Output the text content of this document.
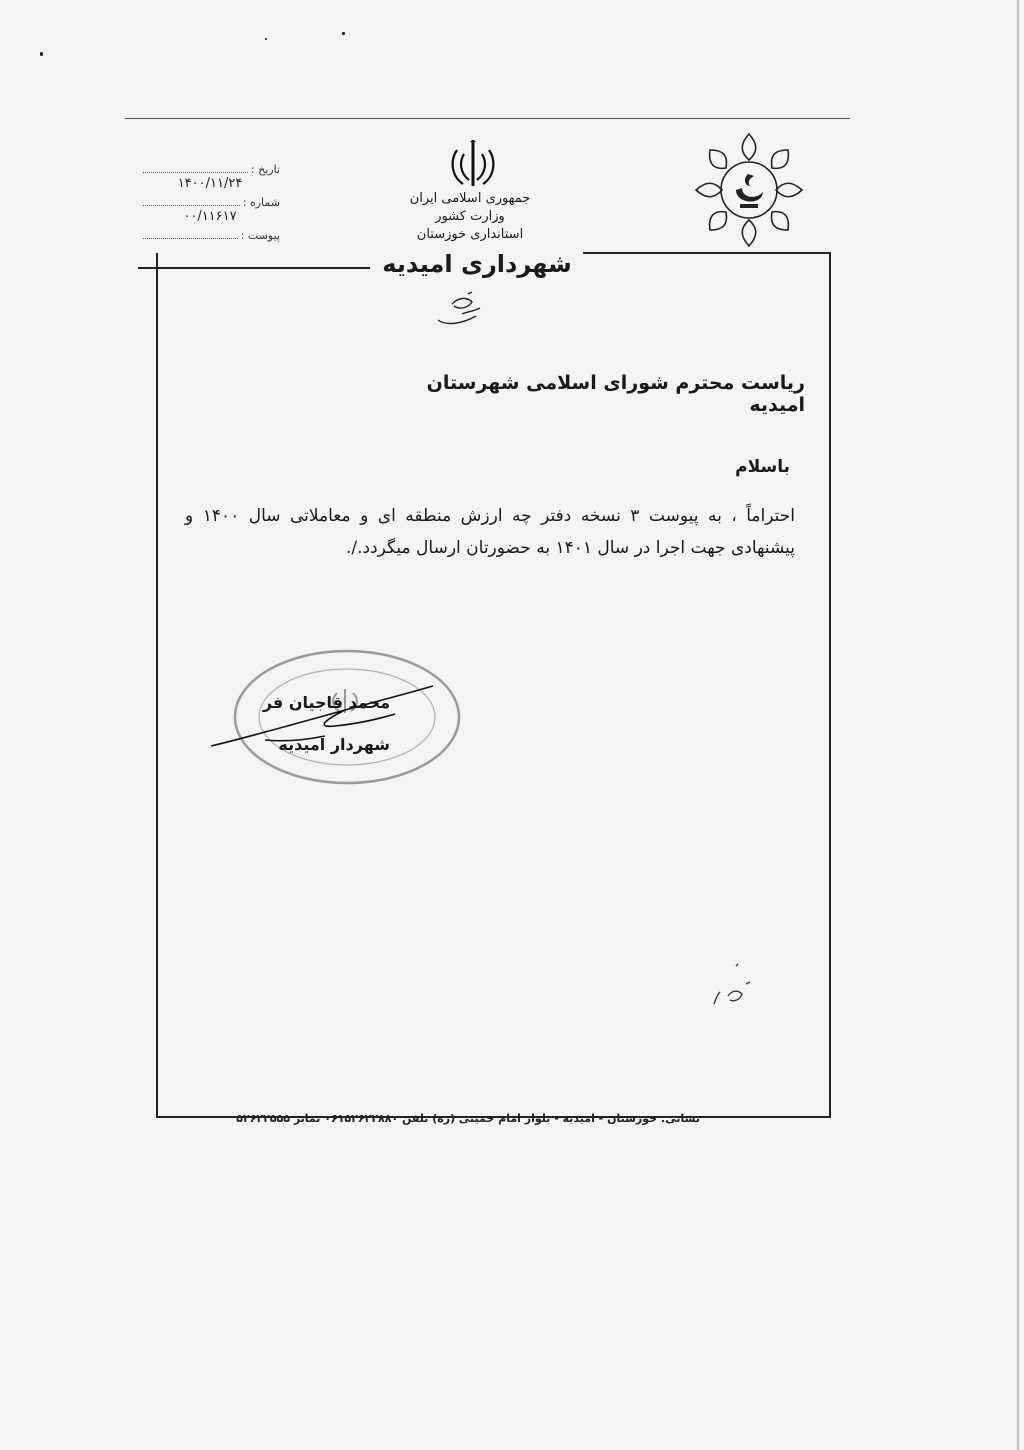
تاریخ :
۱۴۰۰/۱۱/۲۴
شماره :
۰۰/۱۱۶۱۷
پیوست :
جمهوری اسلامی ایران
وزارت کشور
استانداری خوزستان
شهرداری امیدیه
ریاست محترم شورای اسلامی شهرستان امیدیه
باسلام
احتراماً ، به پیوست ۳ نسخه دفتر چه ارزش منطقه ای و معاملاتی سال ۱۴۰۰ و پیشنهادی جهت اجرا در سال ۱۴۰۱ به حضورتان ارسال میگردد./.
محمد قاجیان فر
شهردار امیدیه
نشانی: خوزستان - امیدیه - بلوار امام خمینی (ره) تلفن ۰۶۱۵۲۶۲۲۸۸۰ نمابر ۵۲۶۲۲۵۵۵
